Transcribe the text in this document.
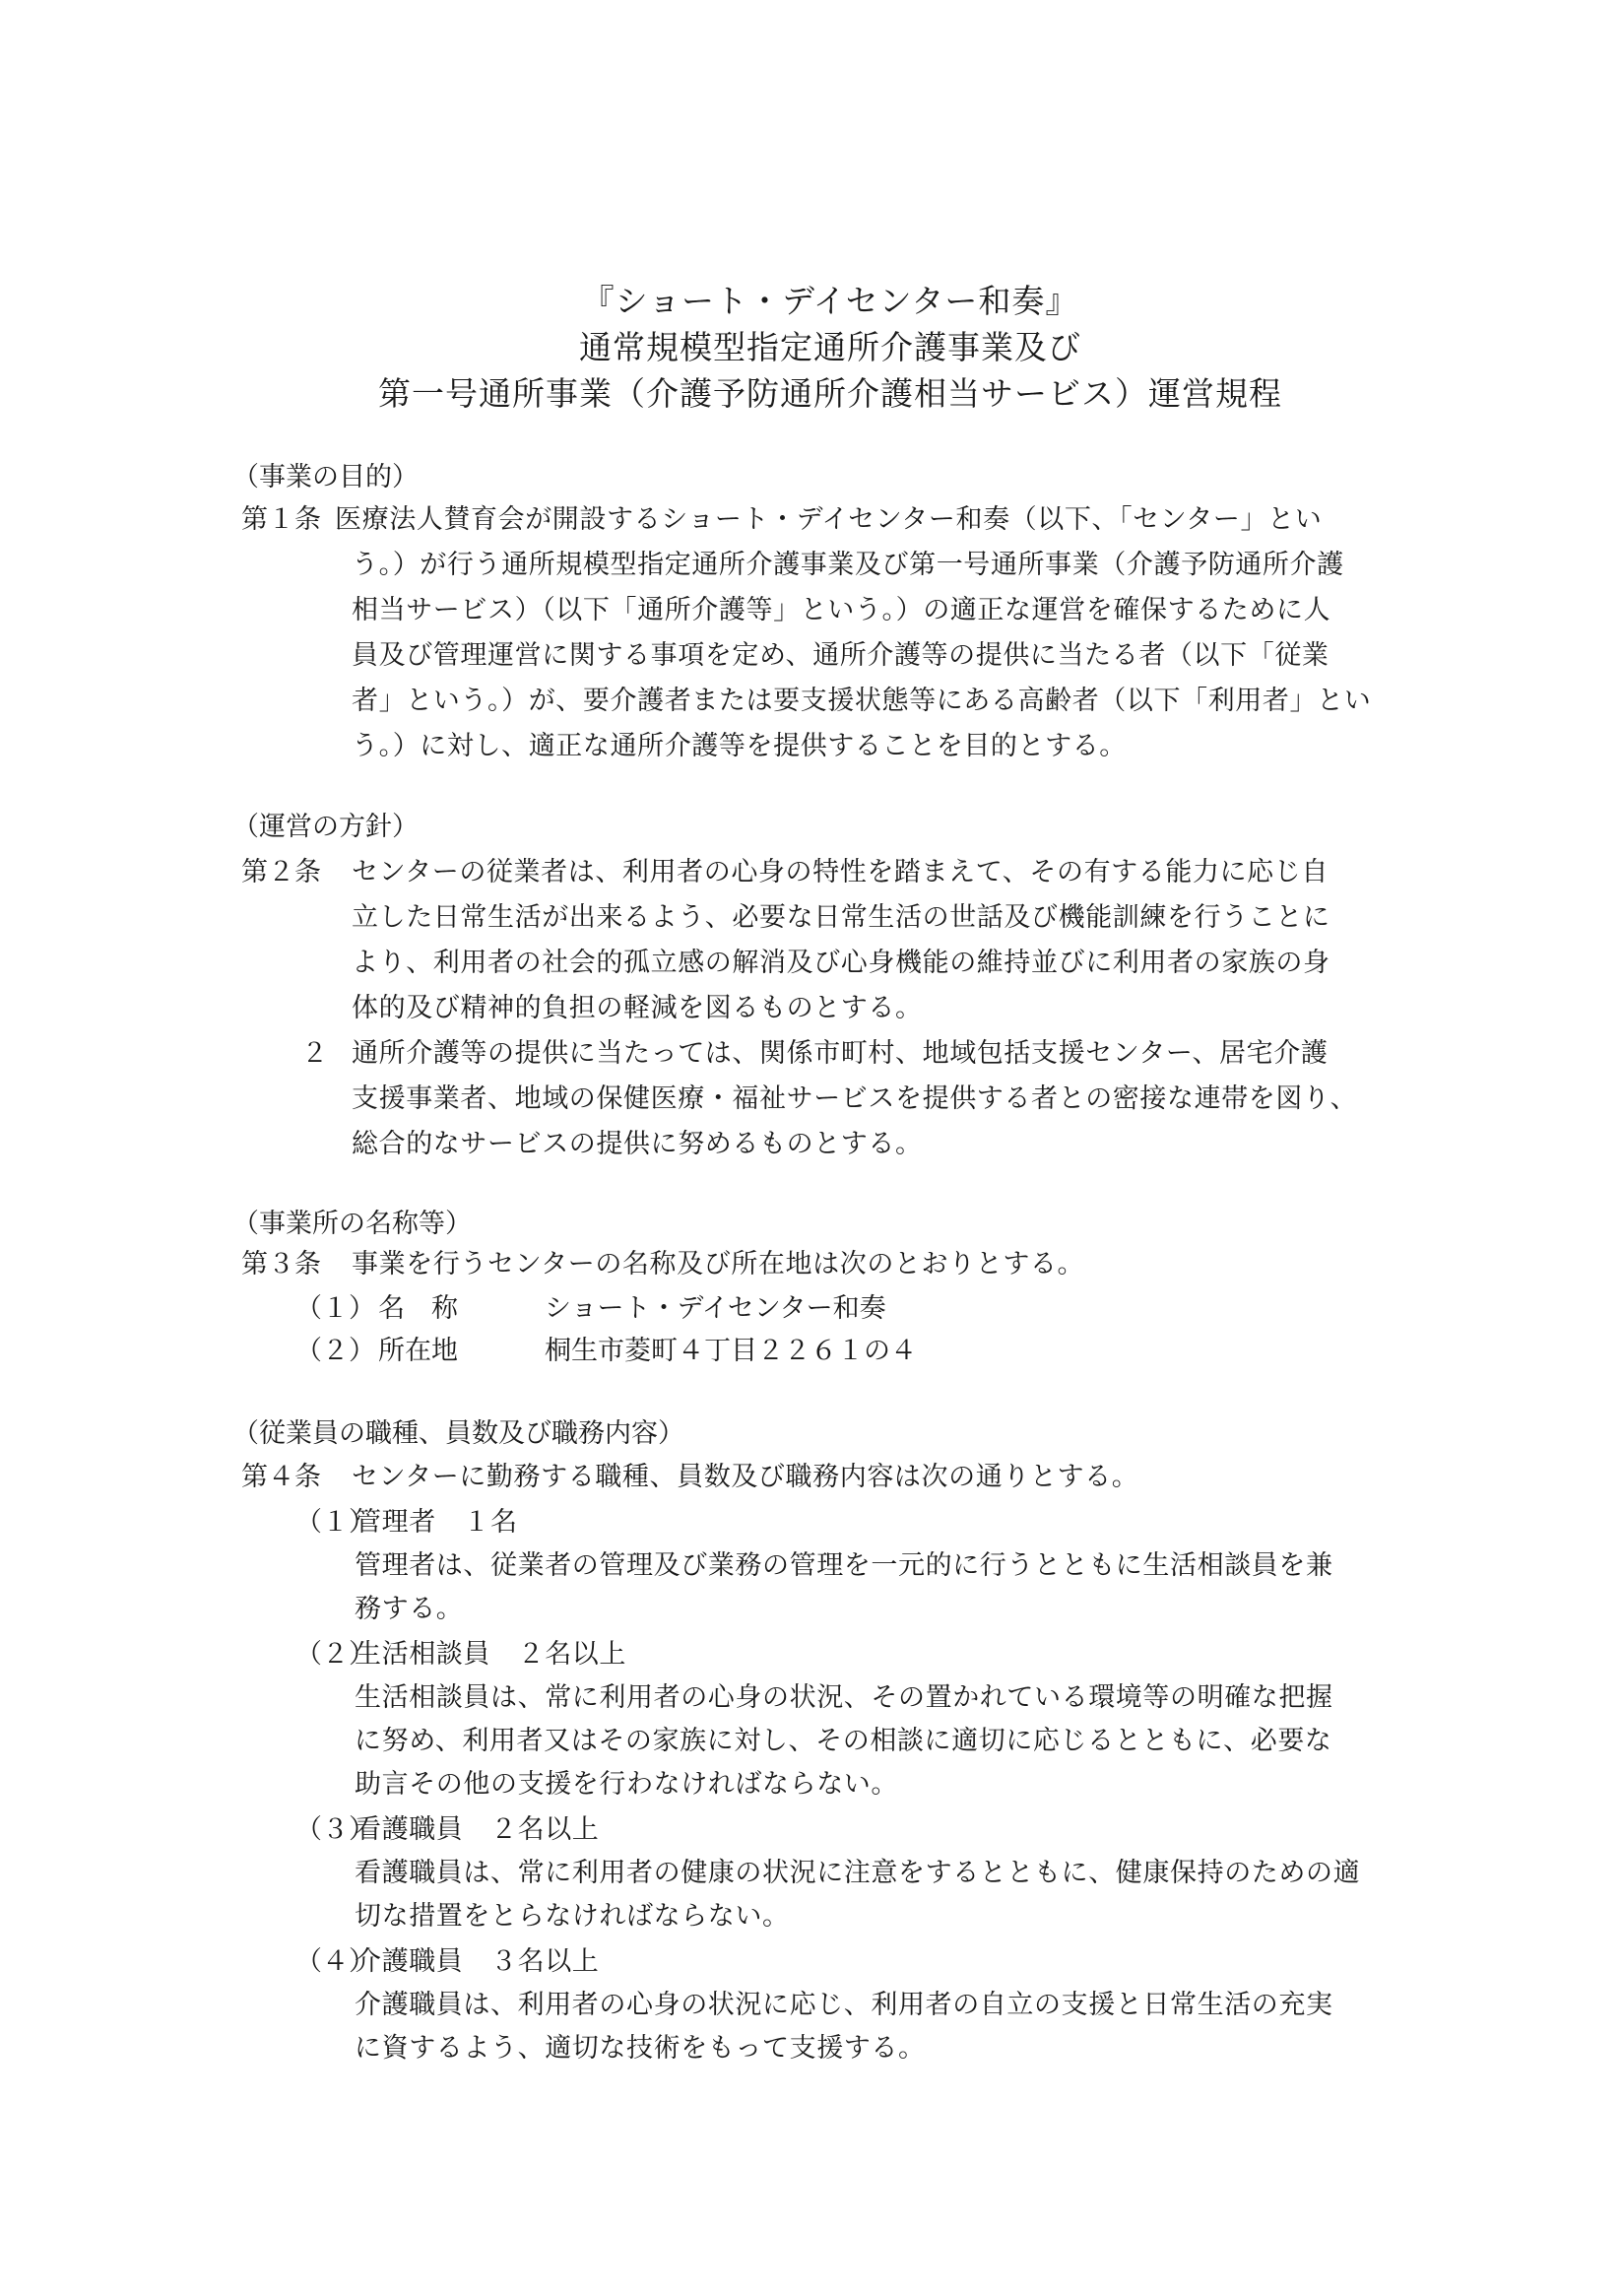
『ショート・デイセンター和奏』
通常規模型指定通所介護事業及び
第一号通所事業（介護予防通所介護相当サービス）運営規程
（事業の目的）
第１条 医療法人賛育会が開設するショート・デイセンター和奏（以下、「センター」とい
う。）が行う通所規模型指定通所介護事業及び第一号通所事業（介護予防通所介護
相当サービス）（以下「通所介護等」という。）の適正な運営を確保するために人
員及び管理運営に関する事項を定め、通所介護等の提供に当たる者（以下「従業
者」という。）が、要介護者または要支援状態等にある高齢者（以下「利用者」とい
う。）に対し、適正な通所介護等を提供することを目的とする。
（運営の方針）
第２条 センターの従業者は、利用者の心身の特性を踏まえて、その有する能力に応じ自
立した日常生活が出来るよう、必要な日常生活の世話及び機能訓練を行うことに
より、利用者の社会的孤立感の解消及び心身機能の維持並びに利用者の家族の身
体的及び精神的負担の軽減を図るものとする。
２ 通所介護等の提供に当たっては、関係市町村、地域包括支援センター、居宅介護
支援事業者、地域の保健医療・福祉サービスを提供する者との密接な連帯を図り、
総合的なサービスの提供に努めるものとする。
（事業所の名称等）
第３条 事業を行うセンターの名称及び所在地は次のとおりとする。
（１） 名　称	ショート・デイセンター和奏
（２） 所在地	桐生市菱町４丁目２２６１の４
（従業員の職種、員数及び職務内容）
第４条 センターに勤務する職種、員数及び職務内容は次の通りとする。
（１）
管理者　１名
管理者は、従業者の管理及び業務の管理を一元的に行うとともに生活相談員を兼
務する。
（２）
生活相談員　２名以上
生活相談員は、常に利用者の心身の状況、その置かれている環境等の明確な把握
に努め、利用者又はその家族に対し、その相談に適切に応じるとともに、必要な
助言その他の支援を行わなければならない。
（３）
看護職員　２名以上
看護職員は、常に利用者の健康の状況に注意をするとともに、健康保持のための適
切な措置をとらなければならない。
（４）
介護職員　３名以上
介護職員は、利用者の心身の状況に応じ、利用者の自立の支援と日常生活の充実
に資するよう、適切な技術をもって支援する。
